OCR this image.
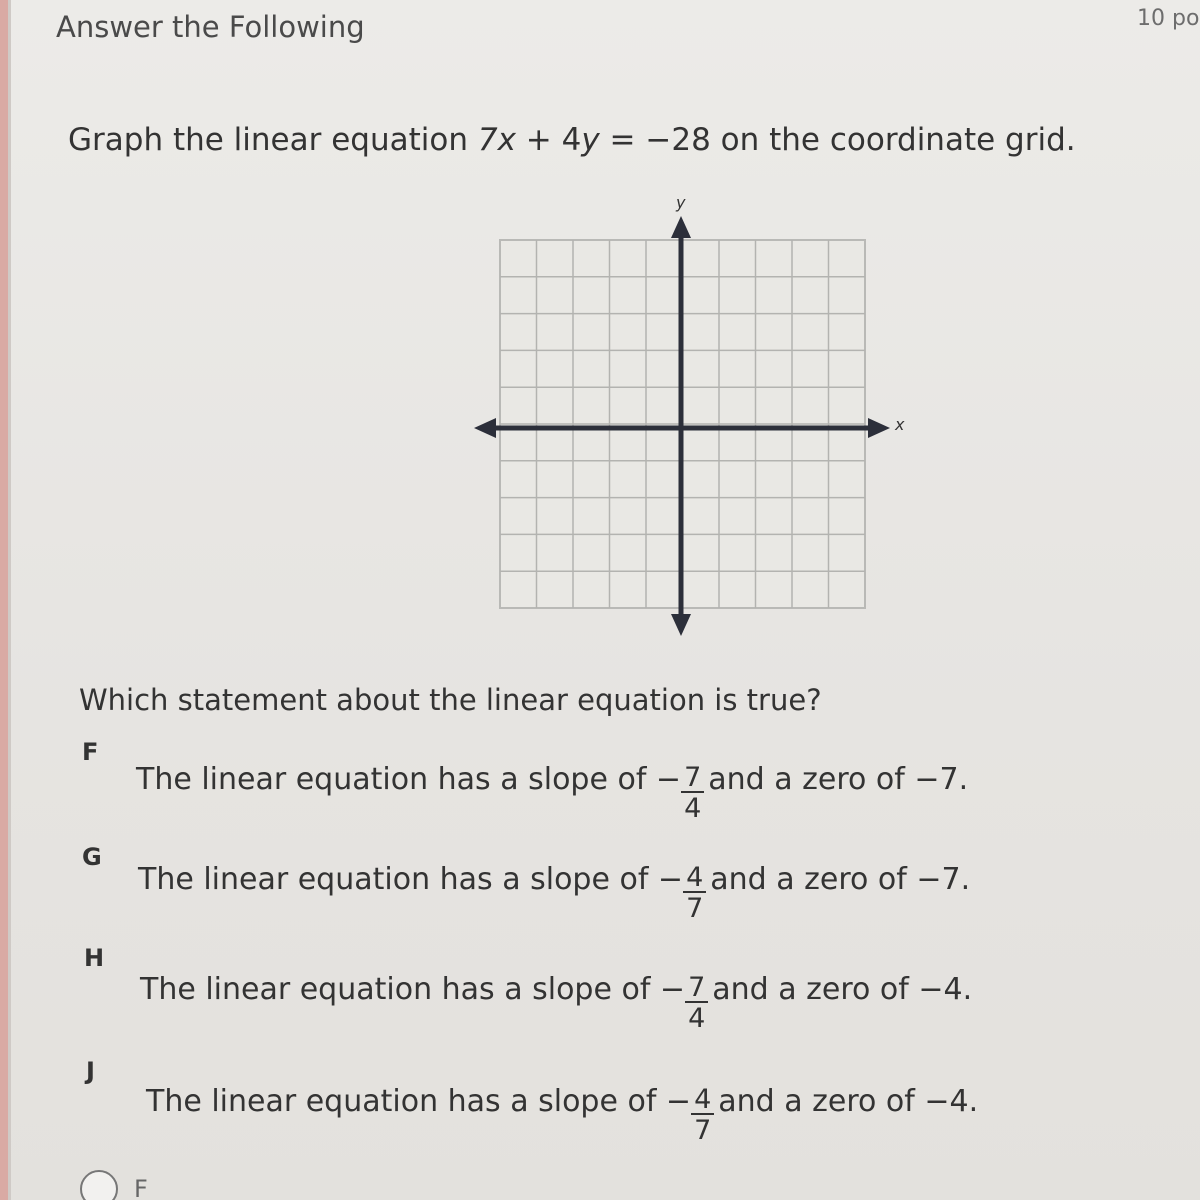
Answer the Following	10 po
Graph the linear equation 7x + 4y = −28 on the coordinate grid.
x
y
Which statement about the linear equation is true?
F
The linear equation has a slope of − $\frac{7}{4}$ and a zero of −7.
G
The linear equation has a slope of − $\frac{4}{7}$ and a zero of −7.
H
The linear equation has a slope of − $\frac{7}{4}$ and a zero of −4.
J
The linear equation has a slope of − $\frac{4}{7}$ and a zero of −4.
F
